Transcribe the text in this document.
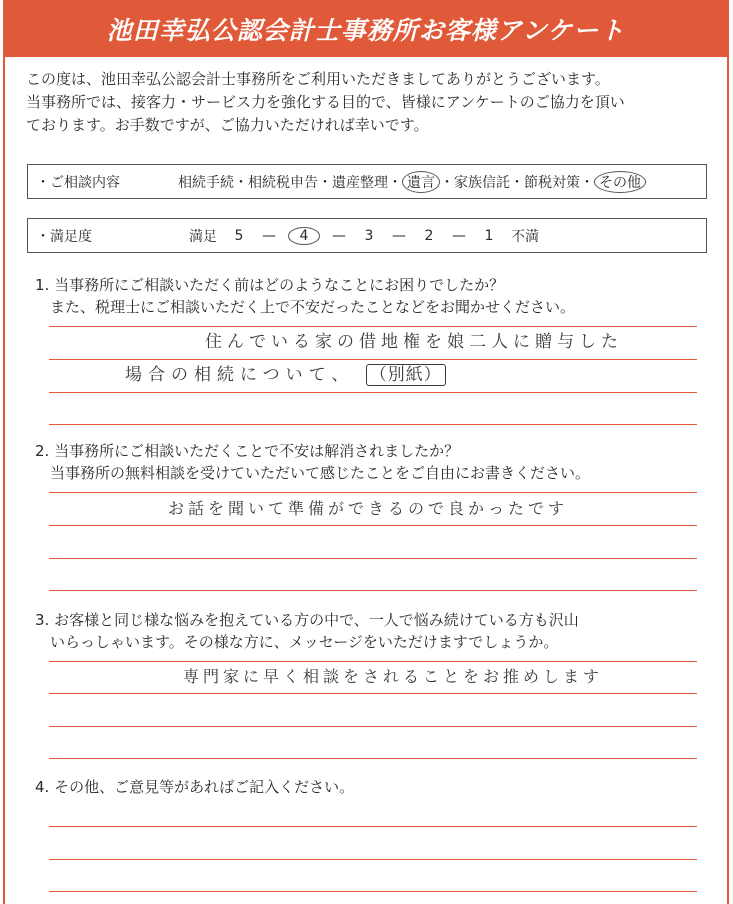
池田幸弘公認会計士事務所お客様アンケート

この度は、池田幸弘公認会計士事務所をご利用いただきましてありがとうございます。

当事務所では、接客力・サービス力を強化する目的で、皆様にアンケートのご協力を頂い

ております。お手数ですが、ご協力いただければ幸いです。

・ご相談内容	相続手続 ・ 相続税申告 ・ 遺産整理 ・ 遺言 ・ 家族信託 ・ 節税対策 ・ その他
・満足度	満足	5	—	4	—	3	—	2	—	1	不満

1. 当事務所にご相談いただく前はどのようなことにお困りでしたか？

　また、税理士にご相談いただく上で不安だったことなどをお聞かせください。

住んでいる家の借地権を娘二人に贈与した
場合の相続について、 （別紙）

2. 当事務所にご相談いただくことで不安は解消されましたか？

　当事務所の無料相談を受けていただいて感じたことをご自由にお書きください。

お話を聞いて準備ができるので良かったです

3. お客様と同じ様な悩みを抱えている方の中で、一人で悩み続けている方も沢山

　いらっしゃいます。その様な方に、メッセージをいただけますでしょうか。

専門家に早く相談をされることをお推めします

4. その他、ご意見等があればご記入ください。
